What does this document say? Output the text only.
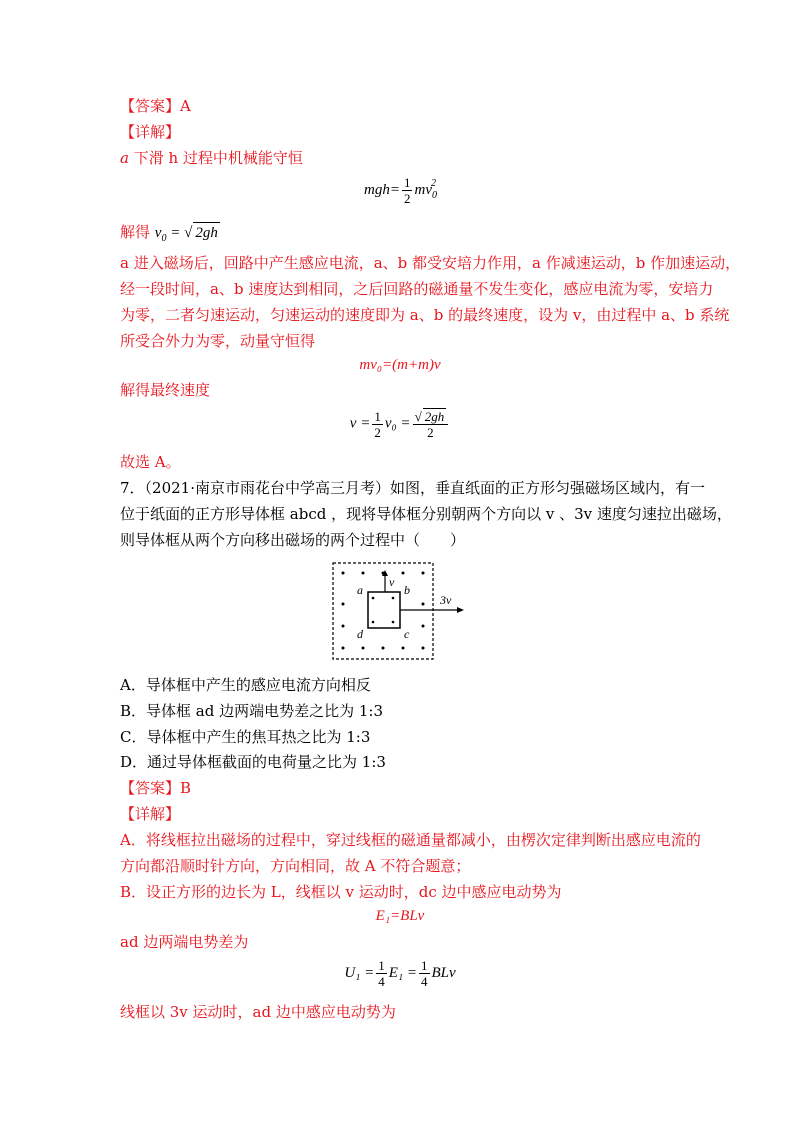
【答案】A
【详解】
a 下滑 h 过程中机械能守恒
$mgh= \frac{1}{2} mv_0^2$
解得 $v_0$ = √ 2gh
a 进入磁场后，回路中产生感应电流，a、b 都受安培力作用，a 作减速运动，b 作加速运动，
经一段时间，a、b 速度达到相同，之后回路的磁通量不发生变化，感应电流为零，安培力
为零，二者匀速运动，匀速运动的速度即为 a、b 的最终速度，设为 v，由过程中 a、b 系统
所受合外力为零，动量守恒得
mv₀=(m+m)v
解得最终速度
$v = \frac{1}{2} v_0 = \frac{√ 2gh}{2}$
故选 A。
7．（2021·南京市雨花台中学高三月考）如图，垂直纸面的正方形匀强磁场区域内，有一
位于纸面的正方形导体框 abcd ，现将导体框分别朝两个方向以 v 、3v 速度匀速拉出磁场，
则导体框从两个方向移出磁场的两个过程中（　　）
a	b
c
d
v
3v
A．导体框中产生的感应电流方向相反
B．导体框 ad 边两端电势差之比为 1:3
C．导体框中产生的焦耳热之比为 1:3
D．通过导体框截面的电荷量之比为 1:3
【答案】B
【详解】
A．将线框拉出磁场的过程中，穿过线框的磁通量都减小，由楞次定律判断出感应电流的
方向都沿顺时针方向，方向相同，故 A 不符合题意；
B．设正方形的边长为 L，线框以 v 运动时，dc 边中感应电动势为
E₁=BLv
ad 边两端电势差为
$U_1 = \frac{1}{4} E_1 = \frac{1}{4}$ BLv
线框以 3v 运动时，ad 边中感应电动势为
